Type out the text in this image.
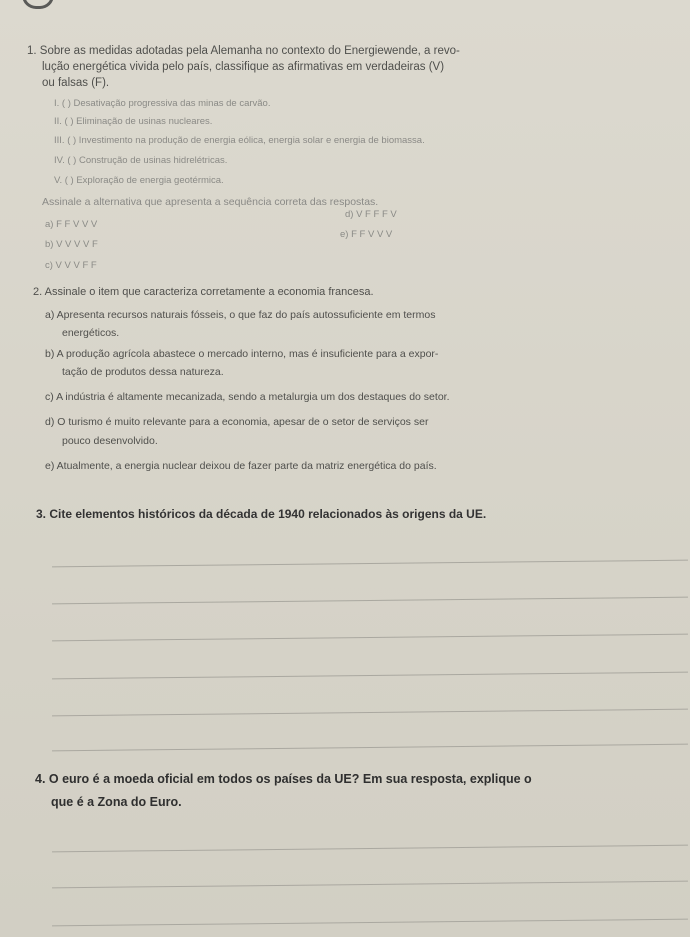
1. Sobre as medidas adotadas pela Alemanha no contexto do Energiewende, a revo-
lução energética vivida pelo país, classifique as afirmativas em verdadeiras (V)
ou falsas (F).
I. ( ) Desativação progressiva das minas de carvão.
II. ( ) Eliminação de usinas nucleares.
III. ( ) Investimento na produção de energia eólica, energia solar e energia de biomassa.
IV. ( ) Construção de usinas hidrelétricas.
V. ( ) Exploração de energia geotérmica.
Assinale a alternativa que apresenta a sequência correta das respostas.
a) F F V V V
b) V V V V F
c) V V V F F
d) V F F F V
e) F F V V V
2. Assinale o item que caracteriza corretamente a economia francesa.
a) Apresenta recursos naturais fósseis, o que faz do país autossuficiente em termos
energéticos.
b) A produção agrícola abastece o mercado interno, mas é insuficiente para a expor-
tação de produtos dessa natureza.
c) A indústria é altamente mecanizada, sendo a metalurgia um dos destaques do setor.
d) O turismo é muito relevante para a economia, apesar de o setor de serviços ser
pouco desenvolvido.
e) Atualmente, a energia nuclear deixou de fazer parte da matriz energética do país.
3. Cite elementos históricos da década de 1940 relacionados às origens da UE.
4. O euro é a moeda oficial em todos os países da UE? Em sua resposta, explique o
que é a Zona do Euro.
